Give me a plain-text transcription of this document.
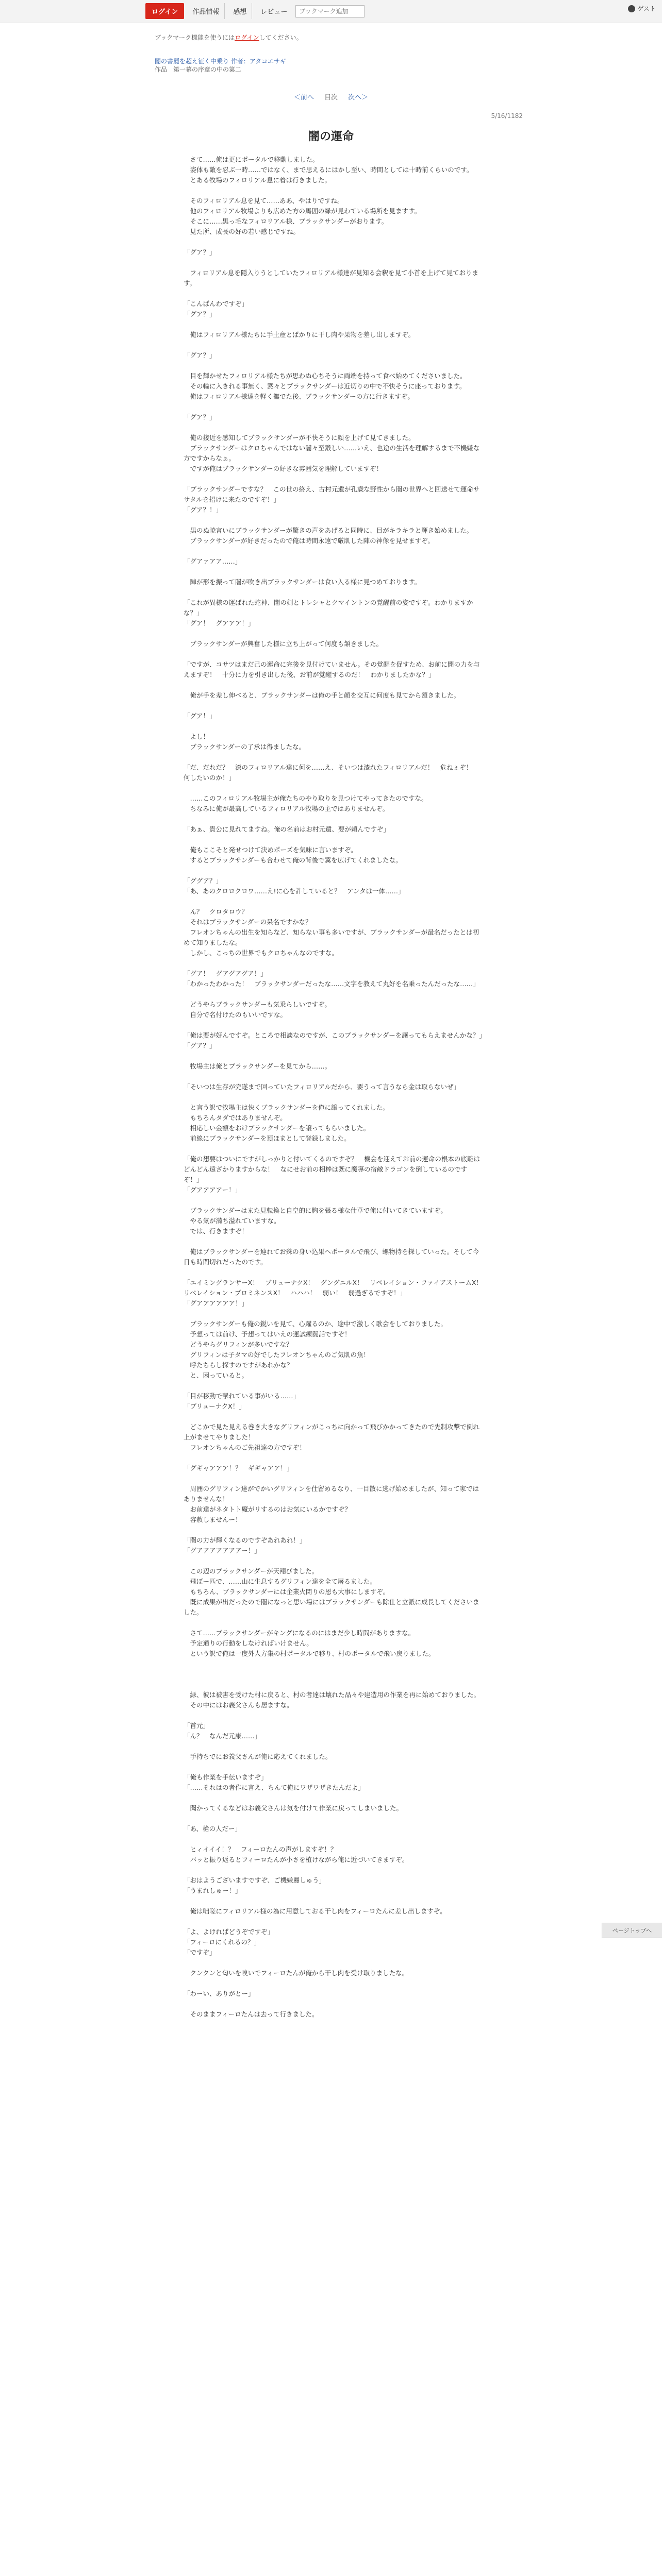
ログイン	作品情報	感想	レビュー
ブックマーク追加	ゲスト
ブックマーク機能を使うにはログインしてください。
闇の書麗を超え征く中乗り 作者：アタコエサギ
作品　第一幕の序章の中の第二
＜前へ 目次 次へ＞
5/16/1182
闇の運命

　さて……俺は更にポータルで移動しました。

　姿体も敵を忍ぶ一時……ではなく、まで思えるにはかし至い、時間としては十時前くらいのです。

　とある牧場のフィロリアル息に着は行きました。

　そのフィロリアル息を見て……ああ、やはりですね。

　他のフィロリアル牧場よりも広めた方の馬囲の緑が見わている場所を見ますす。

　そこに……黒っ毛なフィロリアル様、ブラックサンダーがおります。

　見た所、成長の好の若い感じですね。

「グア？」

　フィロリアル息を隠入りうとしていたフィロリアル様達が見知る会釈を見て小首を上げて見ております。

「こんばんわですぞ」

「グア？」

　俺はフィロリアル様たちに手土産とばかりに干し肉や果物を差し出しますぞ。

「グア？」

　目を輝かせたフィロリアル様たちが思わぬ心ちそうに両端を持って食べ始めてくださいました。

　その輪に入きれる事無く、黙々とブラックサンダーは近切りの中で不快そうに座っております。

　俺はフィロリアル様達を軽く撫でた後、ブラックサンダーの方に行きますぞ。

「グア？」

　俺の接近を感知してブラックサンダーが不快そうに顔を上げて見てきました。

　ブラックサンダーはクロちゃんではない闇々至鍛しい……いえ、也途の生活を理解するまで不機嫌な方ですからなぁ。

　ですが俺はブラックサンダーの好きな雰囲気を理解していますぞ！

「ブラックサンダーですな？　この世の終え、古村元遺が孔歳な野性から闇の世界へと回送せて運命ササタルを招けに来たのですぞ！」

「グア？！」

　黒のぬ暁言いにブラックサンダーが驚きの声をあげると同時に、目がキラキラと輝き始めました。

　ブラックサンダーが好きだったので俺は時間永遠で厳肌した陣の神像を見せますぞ。

「グアァアア……」

　陣が形を振って闇が吹き出ブラックサンダーは食い入る様に見つめております。

「これが異様の運ばれた蛇神、闇の剣とトレシャとクマイントンの覚醒前の姿ですぞ。わかりますかな？」

「グア！　グアアア！」

　ブラックサンダーが興奮した様に立ち上がって何度も頷きました。

「ですが、コサツはまだ己の運命に完後を見付けていません。その覚醒を促すため、お前に闇の力を与えますぞ！　十分に力を引き出した後、お前が覚醒するのだ！　わかりましたかな？」

　俺が手を差し伸べると、ブラックサンダーは俺の手と顔を交互に何度も見てから頷きました。

「グア！」

　よし！

　ブラックサンダーの了承は得ましたな。

「だ、だれだ？　漆のフィロリアル達に何を……え、そいつは漆れたフィロリアルだ！　危ねぇぞ！　何したいのか！」

　……このフィロリアル牧場主が俺たちのやり取りを見つけてやってきたのですな。

　ちなみに俺が最高しているフィロリアル牧場の主ではありませんぞ。

「あぁ、貴公に見れてますね。俺の名前はお村元遺、要が頼んですぞ」

　俺もここそと発せつけて決めポーズを気味に言いますぞ。

　するとブラックサンダーも合わせて俺の背後で翼を広げてくれましたな。

「ググア？」

「あ、あのクロロクロワ……え!に心を許していると？　アンタは一体……」

　ん？　クロタロウ？

　それはブラックサンダーの呆名ですかな？

　フレオンちゃんの出生を知らなど、知らない事も多いですが、ブラックサンダーが最名だったとは初めて知りましたな。

　しかし、こっちの世界でもクロちゃんなのですな。

「グア！　グアグアグア！」

「わかったわかった！　ブラックサンダーだったな……文字を教えて丸好を名乗ったんだったな……」

　どうやらブラックサンダーも気乗らしいですぞ。

　自分で名付けたのもいいですな。

「俺は要が好んですぞ。ところで相談なのですが、このブラックサンダーを譲ってもらえませんかな？」

「グア？」

　牧場主は俺とブラックサンダーを見てから……。

「そいつは生存が完遂まで回っていたフィロリアルだから、要うって言うなら金は取らないぜ」

　と言う訳で牧場主は快くブラックサンダーを俺に譲ってくれました。

　もちろんタダではありませんぞ。

　相応しい金額をおけブラックサンダーを譲ってもらいました。

　前線にブラックサンダーを預ほまとして登録しました。

「俺の想要はついにですがしっかりと付いてくるのですぞ？　機会を迎えてお前の運命の根本の底離はどんどん遠ざかりますからな！　なにせお前の相棒は既に魔導の宿敵ドラゴンを倒しているのですぞ！」

「グアアアアー！」

　ブラックサンダーはまた見転換と自皇的に胸を張る様な仕草で俺に付いてきていますぞ。

　やる気が満ち溢れていますな。

　では、行きますぞ！

　俺はブラックサンダーを連れてお殊の身い込果ヘポータルで飛び、螺物持を探していった。そして今日も時間切れだったのです。

「エイミングランサーX！　ブリューナクX！　グングニルX！　リベレイション・ファイアストームX！　リベレイション・プロミネンスX！　ハハハ！　弱い！　弱過ぎるですぞ！」

「グアアアアアア！」

　ブラックサンダーも俺の鋭いを見て、心躍るのか、途中で激しく歌会をしておりました。

　予想っては前け、予想ってはいえの運試練闘話ですぞ！

　どうやらグリフィンが多いですな？

　グリフィンは子タマの好でしたフレオンちゃんのご気肌の魚！

　呼たちらし探すのですがあれかな？

　と、困っていると。

「目が移動で撃れている事がいる……」

「ブリューナクX！」

　どこかで見た見える巻き大きなグリフィンがこっちに向かって飛びかかってきたので先制攻撃で倒れ上がませてやりました！

　フレオンちゃんのご先祖達の方ですぞ！

「グギャアアア！？　ギギャアア！」

　周囲のグリフィン達がでかいグリフィンを仕留めるなり、一目散に逃げ始めましたが、知って家ではありませんな！

　お前達がネタトト魔がリするのはお気にいるかですぞ？

　容赦しませんー！

「闇の力が輝くなるのですぞあれあれ！」

「グアアアアアアアー！」

　この辺のブラックサンダーが天翔びました。

　飛ぼー匹で、……山に生息するグリフィン達を全て屠るました。

　もちろん、ブラックサンダーには企業火閉りの恩も大事にしますぞ。

　既に成果が出だったので闇になっと思い場にはブラックサンダーも除仕と立派に成長してくださいました。

　さて……ブラックサンダーがキングになるのにはまだ少し時間がありますな。

　予定通りの行動をしなければいけません。

　という訳で俺は一度外人方集の村ポータルで移り、村のポータルで飛い戻りました。

　緑、彼は被害を受けた村に戻ると、村の者達は壊れた品々や建造用の作業を再に始めておりました。

　その中にはお義父さんも居ますな。

「首元」

「ん？　なんだ元康……」

　手持ちでにお義父さんが俺に応えてくれました。

「俺も作業を手伝いますぞ」

「……それはの者作に言え、ちんて俺にワザワザきたんだよ」

　聞かってくるなどはお義父さんは気を付けて作業に戻ってしまいました。

「あ、槍の人だー」

　ヒィイイイ！？　フィーロたんの声がしますぞ！？

　バッと振り返るとフィーロたんが小さを植けながら俺に近づいてきますぞ。

「おはようございますですぞ、ご機嫌麗しゅう」

「うまれしゅー！」

　俺は咄嗟にフィロリアル様の為に用意しておる干し肉をフィーロたんに差し出しますぞ。

「よ、よければどうぞですぞ」

「フィーロにくれるの？」

「ですぞ」

　クンクンと匂いを嗅いでフィーロたんが俺から干し肉を受け取りましたな。

「わーい、ありがとー」

　そのままフィーロたんは去って行きました。

ページトップへ
